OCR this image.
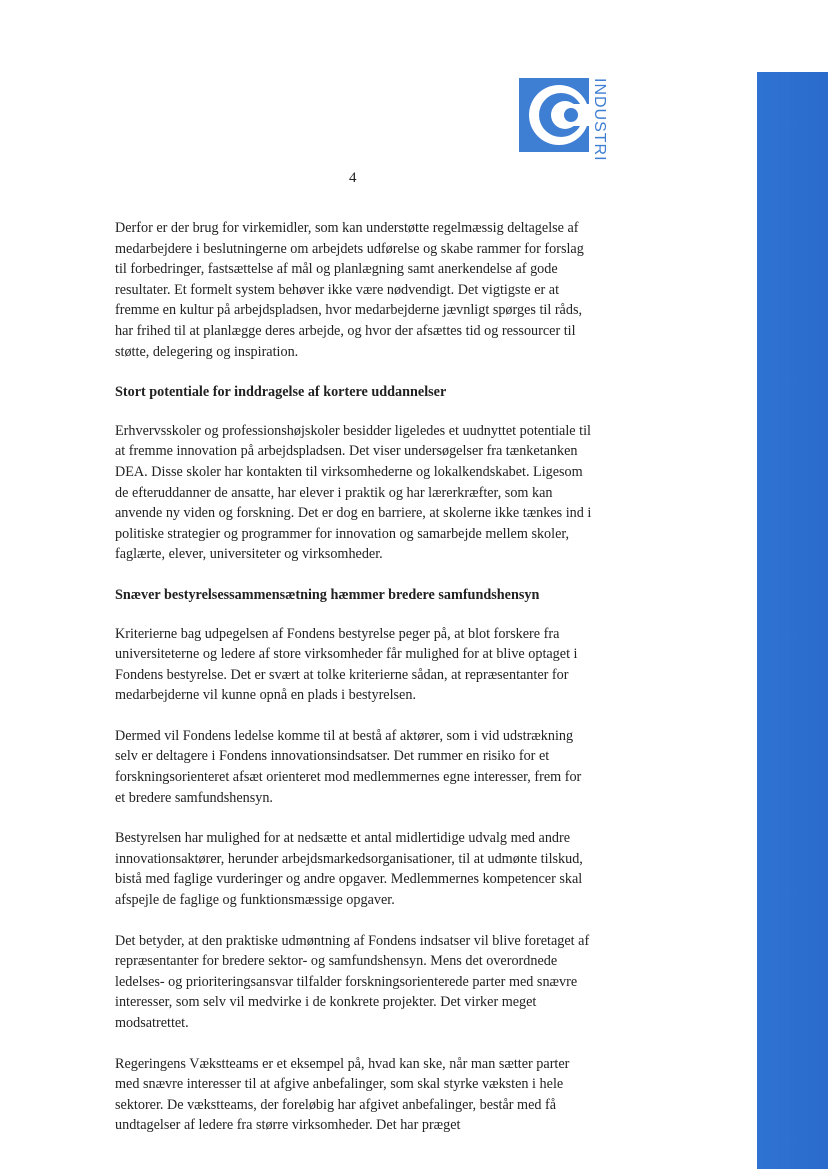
INDUSTRI
4

Derfor er der brug for virkemidler, som kan understøtte regelmæssig deltagelse af medarbejdere i beslutningerne om arbejdets udførelse og skabe rammer for forslag til forbedringer, fastsættelse af mål og planlægning samt anerkendelse af gode resultater. Et formelt system behøver ikke være nødvendigt. Det vigtigste er at fremme en kultur på arbejdspladsen, hvor medarbejderne jævnligt spørges til råds, har frihed til at planlægge deres arbejde, og hvor der afsættes tid og ressourcer til støtte, delegering og inspiration.

Stort potentiale for inddragelse af kortere uddannelser

Erhvervsskoler og professionshøjskoler besidder ligeledes et uudnyttet potentiale til at fremme innovation på arbejdspladsen. Det viser undersøgelser fra tænketanken DEA. Disse skoler har kontakten til virksomhederne og lokalkendskabet. Ligesom de efteruddanner de ansatte, har elever i praktik og har lærerkræfter, som kan anvende ny viden og forskning. Det er dog en barriere, at skolerne ikke tænkes ind i politiske strategier og programmer for innovation og samarbejde mellem skoler, faglærte, elever, universiteter og virksomheder.

Snæver bestyrelsessammensætning hæmmer bredere samfundshensyn

Kriterierne bag udpegelsen af Fondens bestyrelse peger på, at blot forskere fra universiteterne og ledere af store virksomheder får mulighed for at blive optaget i Fondens bestyrelse. Det er svært at tolke kriterierne sådan, at repræsentanter for medarbejderne vil kunne opnå en plads i bestyrelsen.

Dermed vil Fondens ledelse komme til at bestå af aktører, som i vid udstrækning selv er deltagere i Fondens innovationsindsatser. Det rummer en risiko for et forskningsorienteret afsæt orienteret mod medlemmernes egne interesser, frem for et bredere samfundshensyn.

Bestyrelsen har mulighed for at nedsætte et antal midlertidige udvalg med andre innovationsaktører, herunder arbejdsmarkedsorganisationer, til at udmønte tilskud, bistå med faglige vurderinger og andre opgaver. Medlemmernes kompetencer skal afspejle de faglige og funktionsmæssige opgaver.

Det betyder, at den praktiske udmøntning af Fondens indsatser vil blive foretaget af repræsentanter for bredere sektor- og samfundshensyn. Mens det overordnede ledelses- og prioriteringsansvar tilfalder forskningsorienterede parter med snævre interesser, som selv vil medvirke i de konkrete projekter. Det virker meget modsatrettet.

Regeringens Vækstteams er et eksempel på, hvad kan ske, når man sætter parter med snævre interesser til at afgive anbefalinger, som skal styrke væksten i hele sektorer. De vækstteams, der foreløbig har afgivet anbefalinger, består med få undtagelser af ledere fra større virksomheder. Det har præget
